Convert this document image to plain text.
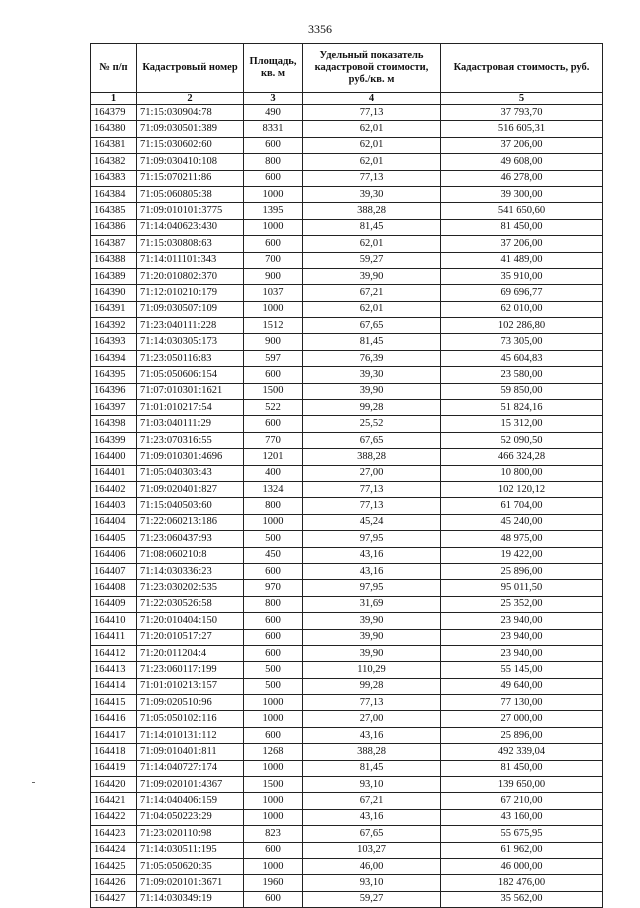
3356
№ п/п	Кадастровый номер	Площадь, кв. м	Удельный показатель кадастровой стоимости, руб./кв. м	Кадастровая стоимость, руб.
1	2	3	4	5
164379	71:15:030904:78	490	77,13	37 793,70
164380	71:09:030501:389	8331	62,01	516 605,31
164381	71:15:030602:60	600	62,01	37 206,00
164382	71:09:030410:108	800	62,01	49 608,00
164383	71:15:070211:86	600	77,13	46 278,00
164384	71:05:060805:38	1000	39,30	39 300,00
164385	71:09:010101:3775	1395	388,28	541 650,60
164386	71:14:040623:430	1000	81,45	81 450,00
164387	71:15:030808:63	600	62,01	37 206,00
164388	71:14:011101:343	700	59,27	41 489,00
164389	71:20:010802:370	900	39,90	35 910,00
164390	71:12:010210:179	1037	67,21	69 696,77
164391	71:09:030507:109	1000	62,01	62 010,00
164392	71:23:040111:228	1512	67,65	102 286,80
164393	71:14:030305:173	900	81,45	73 305,00
164394	71:23:050116:83	597	76,39	45 604,83
164395	71:05:050606:154	600	39,30	23 580,00
164396	71:07:010301:1621	1500	39,90	59 850,00
164397	71:01:010217:54	522	99,28	51 824,16
164398	71:03:040111:29	600	25,52	15 312,00
164399	71:23:070316:55	770	67,65	52 090,50
164400	71:09:010301:4696	1201	388,28	466 324,28
164401	71:05:040303:43	400	27,00	10 800,00
164402	71:09:020401:827	1324	77,13	102 120,12
164403	71:15:040503:60	800	77,13	61 704,00
164404	71:22:060213:186	1000	45,24	45 240,00
164405	71:23:060437:93	500	97,95	48 975,00
164406	71:08:060210:8	450	43,16	19 422,00
164407	71:14:030336:23	600	43,16	25 896,00
164408	71:23:030202:535	970	97,95	95 011,50
164409	71:22:030526:58	800	31,69	25 352,00
164410	71:20:010404:150	600	39,90	23 940,00
164411	71:20:010517:27	600	39,90	23 940,00
164412	71:20:011204:4	600	39,90	23 940,00
164413	71:23:060117:199	500	110,29	55 145,00
164414	71:01:010213:157	500	99,28	49 640,00
164415	71:09:020510:96	1000	77,13	77 130,00
164416	71:05:050102:116	1000	27,00	27 000,00
164417	71:14:010131:112	600	43,16	25 896,00
164418	71:09:010401:811	1268	388,28	492 339,04
164419	71:14:040727:174	1000	81,45	81 450,00
164420	71:09:020101:4367	1500	93,10	139 650,00
164421	71:14:040406:159	1000	67,21	67 210,00
164422	71:04:050223:29	1000	43,16	43 160,00
164423	71:23:020110:98	823	67,65	55 675,95
164424	71:14:030511:195	600	103,27	61 962,00
164425	71:05:050620:35	1000	46,00	46 000,00
164426	71:09:020101:3671	1960	93,10	182 476,00
164427	71:14:030349:19	600	59,27	35 562,00
